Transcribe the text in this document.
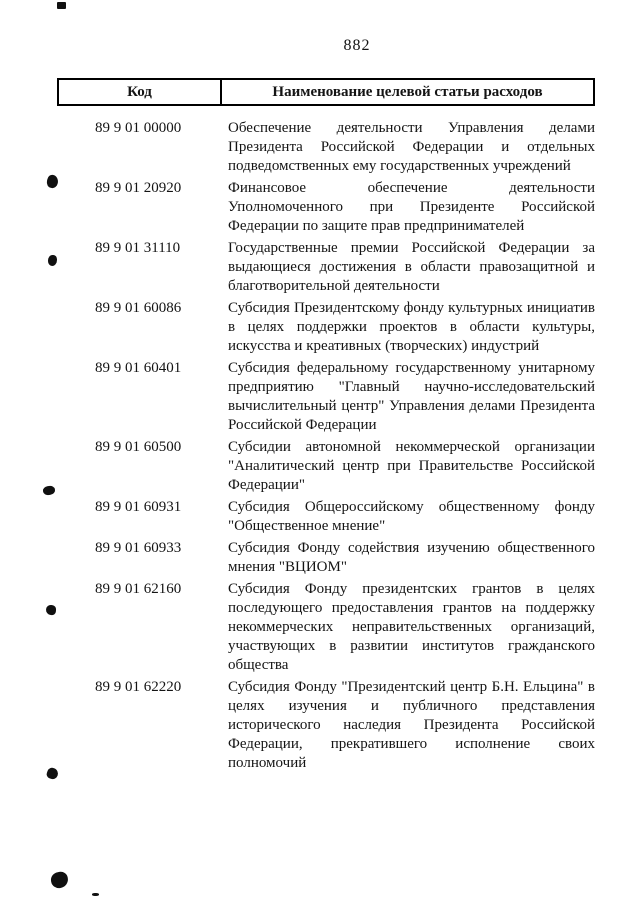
882
Код	Наименование целевой статьи расходов
89 9 01 00000	Обеспечение деятельности Управления делами Президента Российской Федерации и отдельных подведомственных ему государственных учреждений
89 9 01 20920	Финансовое обеспечение деятельности Уполномоченного при Президенте Российской Федерации по защите прав предпринимателей
89 9 01 31110	Государственные премии Российской Федерации за выдающиеся достижения в области правозащитной и благотворительной деятельности
89 9 01 60086	Субсидия Президентскому фонду культурных инициатив в целях поддержки проектов в области культуры, искусства и креативных (творческих) индустрий
89 9 01 60401	Субсидия федеральному государственному унитарному предприятию "Главный научно-исследовательский вычислительный центр" Управления делами Президента Российской Федерации
89 9 01 60500	Субсидии автономной некоммерческой организации "Аналитический центр при Правительстве Российской Федерации"
89 9 01 60931	Субсидия Общероссийскому общественному фонду "Общественное мнение"
89 9 01 60933	Субсидия Фонду содействия изучению общественного мнения "ВЦИОМ"
89 9 01 62160	Субсидия Фонду президентских грантов в целях последующего предоставления грантов на поддержку некоммерческих неправительственных организаций, участвующих в развитии институтов гражданского общества
89 9 01 62220	Субсидия Фонду "Президентский центр Б.Н. Ельцина" в целях изучения и публичного представления исторического наследия Президента Российской Федерации, прекратившего исполнение своих полномочий
